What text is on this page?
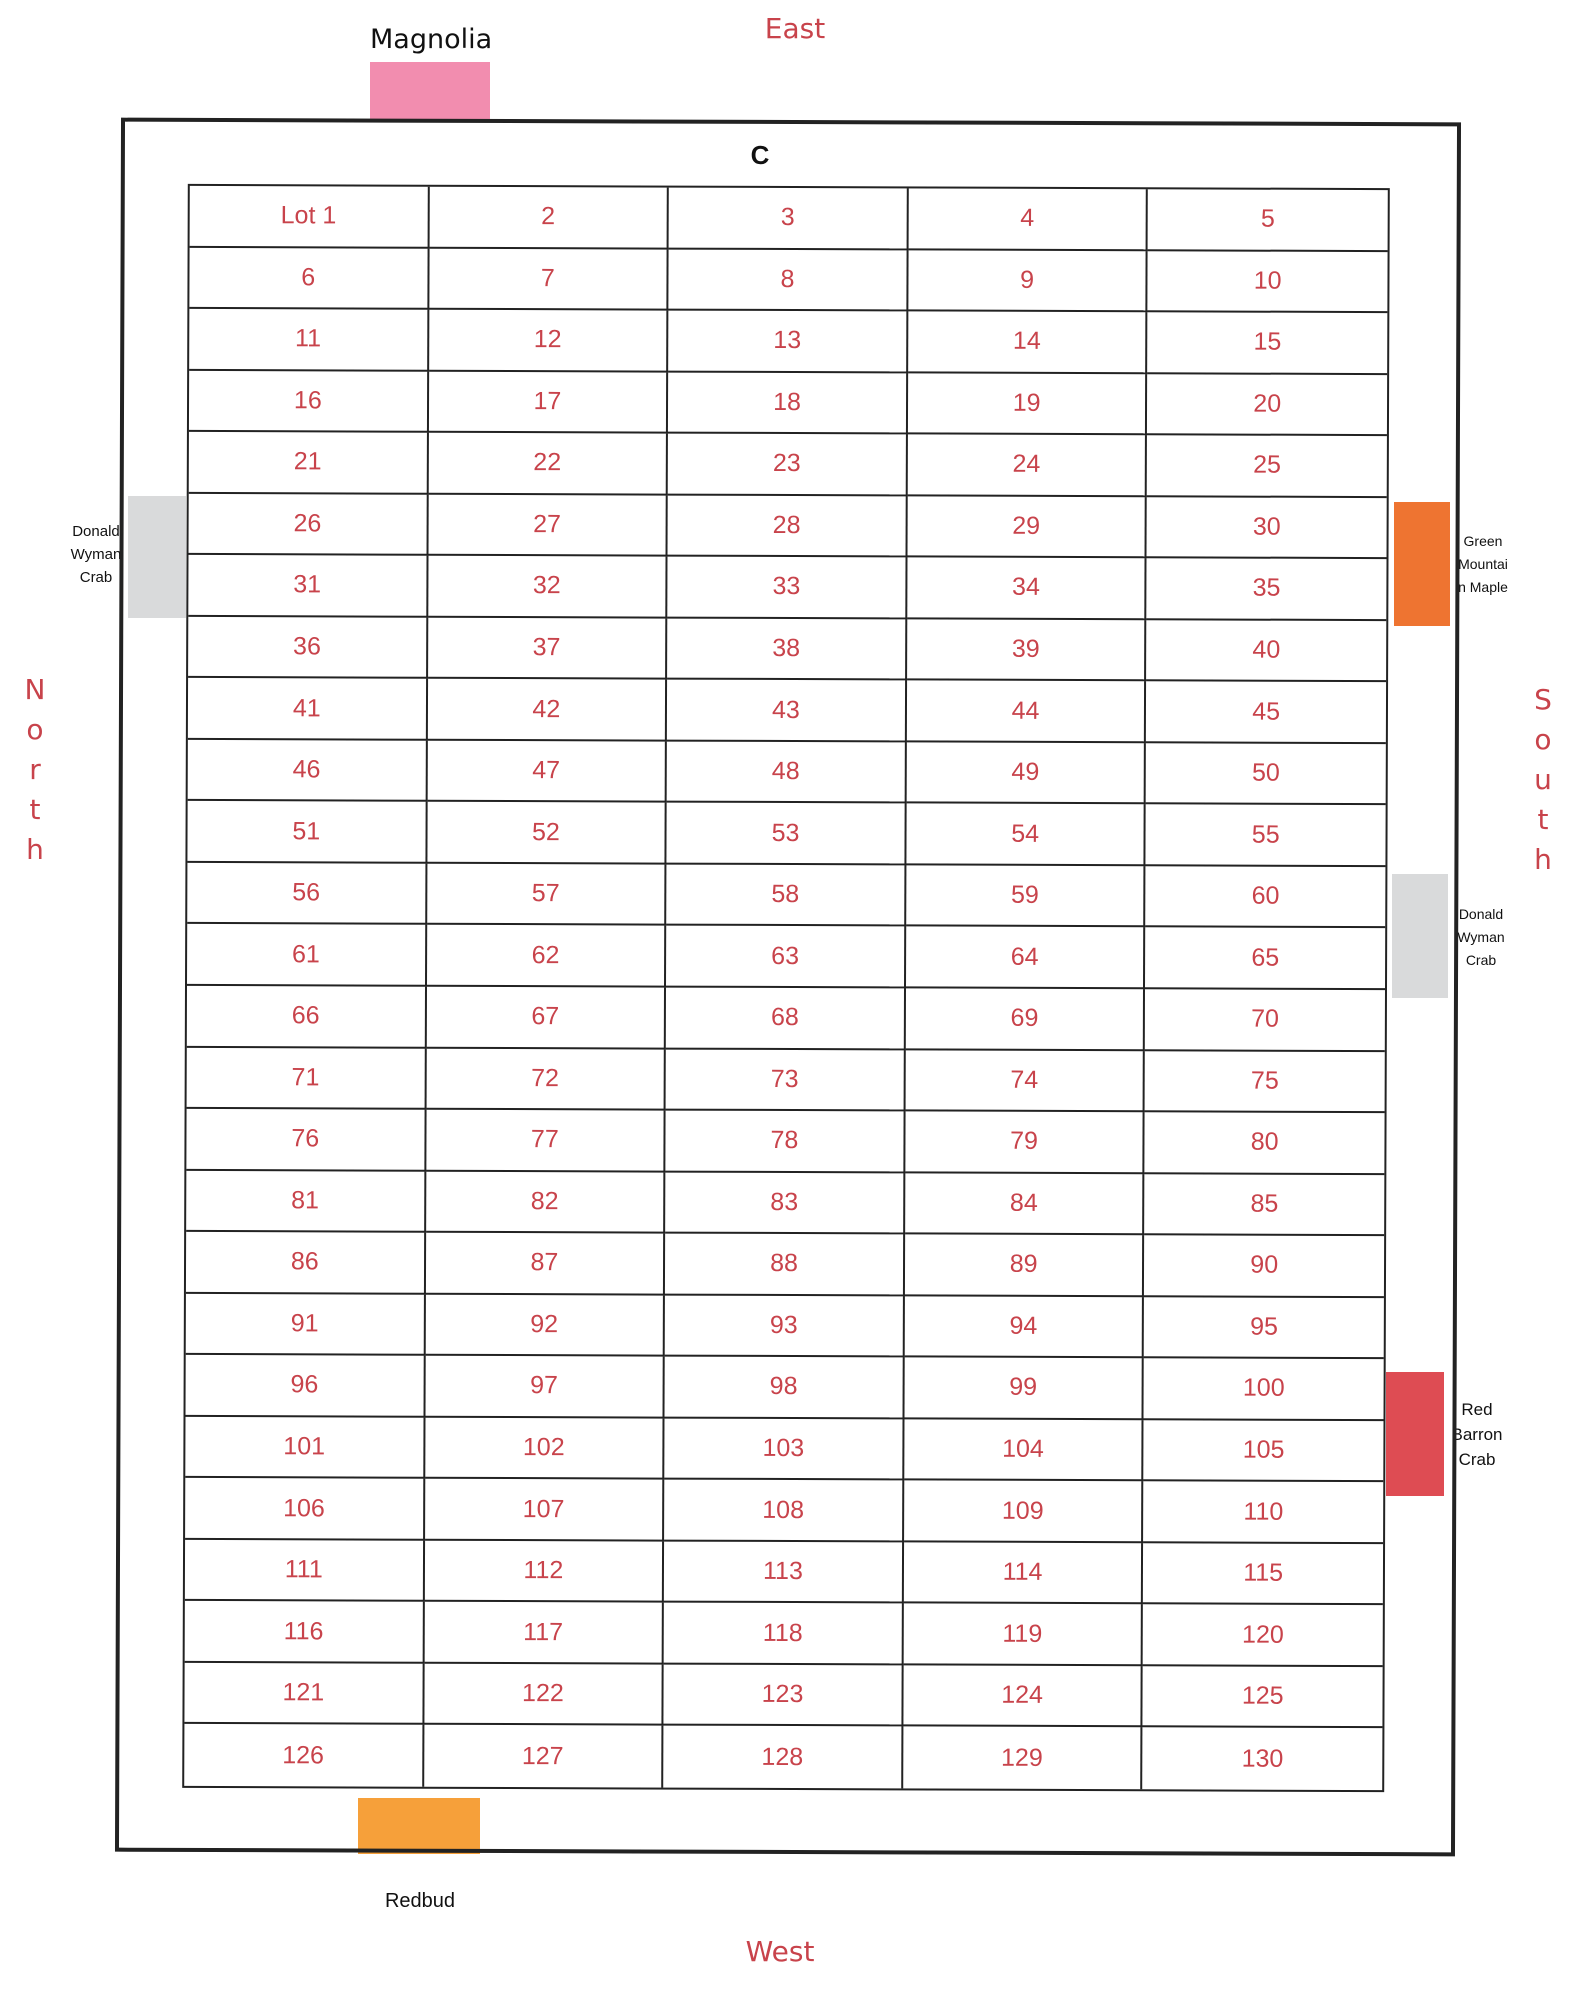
East
West
N
o
r
t
h
S
o
u
t
h
Magnolia
Redbud
Donald
Wyman
Crab
Green
Mountai
n Maple
Donald
Wyman
Crab
Red
Barron
Crab
C
Lot 1	2	3	4	5
6	7	8	9	10
11	12	13	14	15
16	17	18	19	20
21	22	23	24	25
26	27	28	29	30
31	32	33	34	35
36	37	38	39	40
41	42	43	44	45
46	47	48	49	50
51	52	53	54	55
56	57	58	59	60
61	62	63	64	65
66	67	68	69	70
71	72	73	74	75
76	77	78	79	80
81	82	83	84	85
86	87	88	89	90
91	92	93	94	95
96	97	98	99	100
101	102	103	104	105
106	107	108	109	110
111	112	113	114	115
116	117	118	119	120
121	122	123	124	125
126	127	128	129	130
